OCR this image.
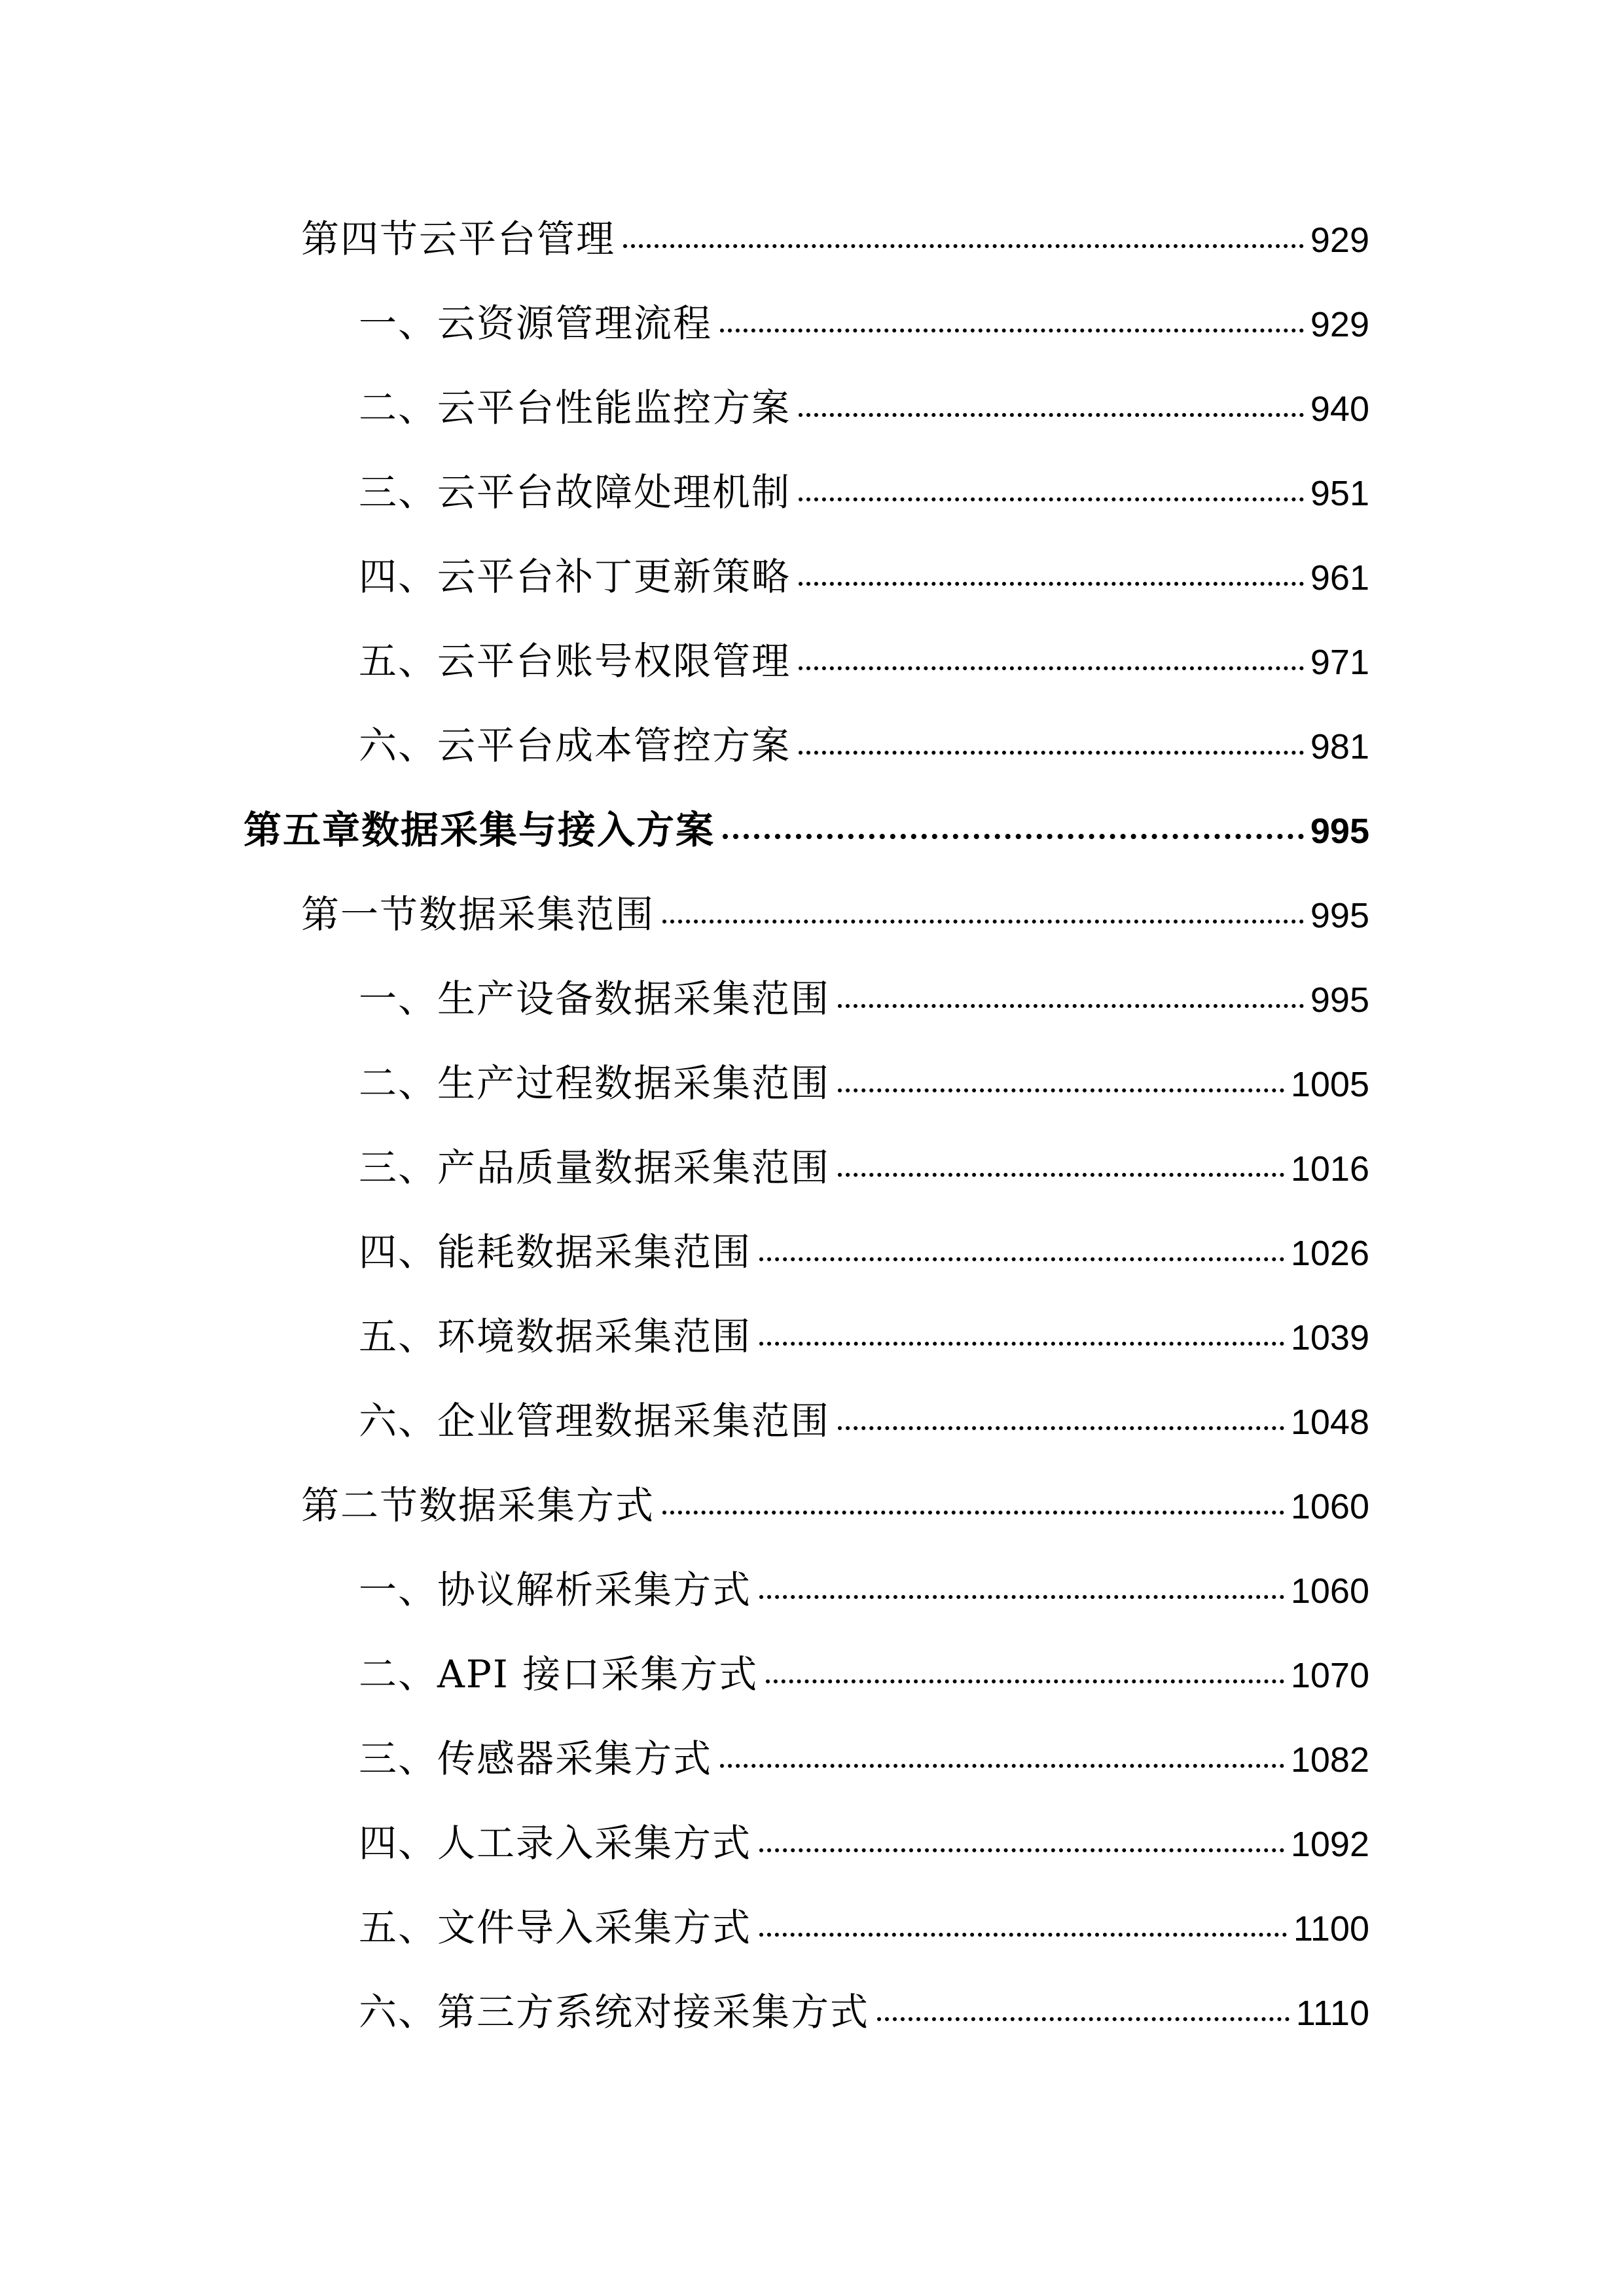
第四节云平台管理	929
一、云资源管理流程	929
二、云平台性能监控方案	940
三、云平台故障处理机制	951
四、云平台补丁更新策略	961
五、云平台账号权限管理	971
六、云平台成本管控方案	981
第五章数据采集与接入方案	995
第一节数据采集范围	995
一、生产设备数据采集范围	995
二、生产过程数据采集范围	1005
三、产品质量数据采集范围	1016
四、能耗数据采集范围	1026
五、环境数据采集范围	1039
六、企业管理数据采集范围	1048
第二节数据采集方式	1060
一、协议解析采集方式	1060
二、API 接口采集方式	1070
三、传感器采集方式	1082
四、人工录入采集方式	1092
五、文件导入采集方式	1100
六、第三方系统对接采集方式	1110
